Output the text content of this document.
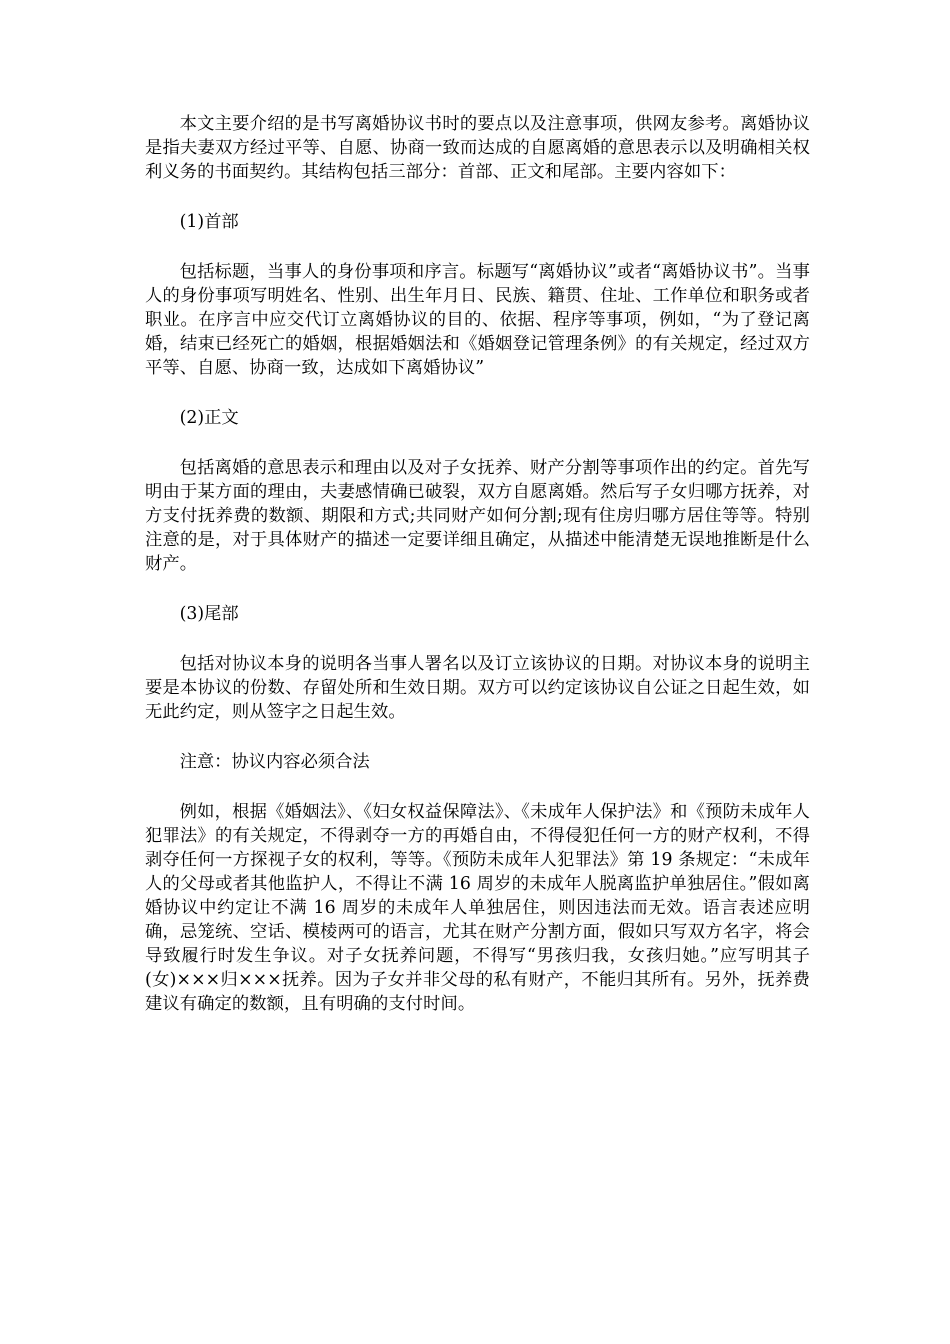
本文主要介绍的是书写离婚协议书时的要点以及注意事项，供网友参考。离婚协议是指夫妻双方经过平等、自愿、协商一致而达成的自愿离婚的意思表示以及明确相关权利义务的书面契约。其结构包括三部分：首部、正文和尾部。主要内容如下：

(1)首部

包括标题，当事人的身份事项和序言。标题写“离婚协议”或者“离婚协议书”。当事人的身份事项写明姓名、性别、出生年月日、民族、籍贯、住址、工作单位和职务或者职业。在序言中应交代订立离婚协议的目的、依据、程序等事项，例如，“为了登记离婚，结束已经死亡的婚姻，根据婚姻法和《婚姻登记管理条例》的有关规定，经过双方平等、自愿、协商一致，达成如下离婚协议”

(2)正文

包括离婚的意思表示和理由以及对子女抚养、财产分割等事项作出的约定。首先写明由于某方面的理由，夫妻感情确已破裂，双方自愿离婚。然后写子女归哪方抚养，对方支付抚养费的数额、期限和方式;共同财产如何分割;现有住房归哪方居住等等。特别注意的是，对于具体财产的描述一定要详细且确定，从描述中能清楚无误地推断是什么财产。

(3)尾部

包括对协议本身的说明各当事人署名以及订立该协议的日期。对协议本身的说明主要是本协议的份数、存留处所和生效日期。双方可以约定该协议自公证之日起生效，如无此约定，则从签字之日起生效。

注意：协议内容必须合法

例如，根据《婚姻法》、《妇女权益保障法》、《未成年人保护法》和《预防未成年人犯罪法》的有关规定，不得剥夺一方的再婚自由，不得侵犯任何一方的财产权利，不得剥夺任何一方探视子女的权利，等等。《预防未成年人犯罪法》第 19 条规定：“未成年人的父母或者其他监护人，不得让不满 16 周岁的未成年人脱离监护单独居住。”假如离婚协议中约定让不满 16 周岁的未成年人单独居住，则因违法而无效。语言表述应明确，忌笼统、空话、模棱两可的语言，尤其在财产分割方面，假如只写双方名字，将会导致履行时发生争议。对子女抚养问题，不得写“男孩归我，女孩归她。”应写明其子(女)×××归×××抚养。因为子女并非父母的私有财产，不能归其所有。另外，抚养费建议有确定的数额，且有明确的支付时间。
